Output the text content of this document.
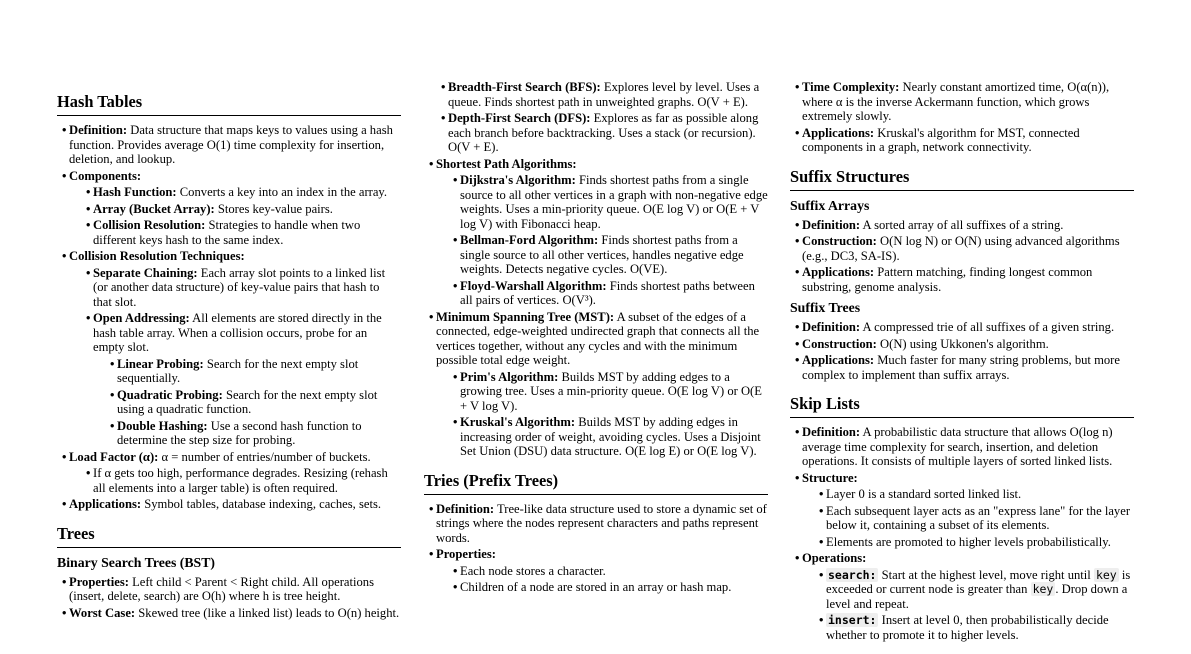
Hash Tables
• Definition: Data structure that maps keys to values using a hash function. Provides average O(1) time complexity for insertion, deletion, and lookup.
• Components:
• Hash Function: Converts a key into an index in the array.
• Array (Bucket Array): Stores key-value pairs.
• Collision Resolution: Strategies to handle when two different keys hash to the same index.
• Collision Resolution Techniques:
• Separate Chaining: Each array slot points to a linked list (or another data structure) of key-value pairs that hash to that slot.
• Open Addressing: All elements are stored directly in the hash table array. When a collision occurs, probe for an empty slot.
• Linear Probing: Search for the next empty slot sequentially.
• Quadratic Probing: Search for the next empty slot using a quadratic function.
• Double Hashing: Use a second hash function to determine the step size for probing.
• Load Factor (α): α = number of entries/number of buckets.
• If α gets too high, performance degrades. Resizing (rehash all elements into a larger table) is often required.
• Applications: Symbol tables, database indexing, caches, sets.
Trees
Binary Search Trees (BST)
• Properties: Left child < Parent < Right child. All operations (insert, delete, search) are O(h) where h is tree height.
• Worst Case: Skewed tree (like a linked list) leads to O(n) height.
• Breadth-First Search (BFS): Explores level by level. Uses a queue. Finds shortest path in unweighted graphs. O(V + E).
• Depth-First Search (DFS): Explores as far as possible along each branch before backtracking. Uses a stack (or recursion). O(V + E).
• Shortest Path Algorithms:
• Dijkstra's Algorithm: Finds shortest paths from a single source to all other vertices in a graph with non-negative edge weights. Uses a min-priority queue. O(E log V) or O(E + V log V) with Fibonacci heap.
• Bellman-Ford Algorithm: Finds shortest paths from a single source to all other vertices, handles negative edge weights. Detects negative cycles. O(VE).
• Floyd-Warshall Algorithm: Finds shortest paths between all pairs of vertices. O(V³).
• Minimum Spanning Tree (MST): A subset of the edges of a connected, edge-weighted undirected graph that connects all the vertices together, without any cycles and with the minimum possible total edge weight.
• Prim's Algorithm: Builds MST by adding edges to a growing tree. Uses a min-priority queue. O(E log V) or O(E + V log V).
• Kruskal's Algorithm: Builds MST by adding edges in increasing order of weight, avoiding cycles. Uses a Disjoint Set Union (DSU) data structure. O(E log E) or O(E log V).
Tries (Prefix Trees)
• Definition: Tree-like data structure used to store a dynamic set of strings where the nodes represent characters and paths represent words.
• Properties:
• Each node stores a character.
• Children of a node are stored in an array or hash map.
• Time Complexity: Nearly constant amortized time, O(α(n)), where α is the inverse Ackermann function, which grows extremely slowly.
• Applications: Kruskal's algorithm for MST, connected components in a graph, network connectivity.
Suffix Structures
Suffix Arrays
• Definition: A sorted array of all suffixes of a string.
• Construction: O(N log N) or O(N) using advanced algorithms (e.g., DC3, SA-IS).
• Applications: Pattern matching, finding longest common substring, genome analysis.
Suffix Trees
• Definition: A compressed trie of all suffixes of a given string.
• Construction: O(N) using Ukkonen's algorithm.
• Applications: Much faster for many string problems, but more complex to implement than suffix arrays.
Skip Lists
• Definition: A probabilistic data structure that allows O(log n) average time complexity for search, insertion, and deletion operations. It consists of multiple layers of sorted linked lists.
• Structure:
• Layer 0 is a standard sorted linked list.
• Each subsequent layer acts as an "express lane" for the layer below it, containing a subset of its elements.
• Elements are promoted to higher levels probabilistically.
• Operations:
• search: Start at the highest level, move right until key is exceeded or current node is greater than key . Drop down a level and repeat.
• insert: Insert at level 0, then probabilistically decide whether to promote it to higher levels.
